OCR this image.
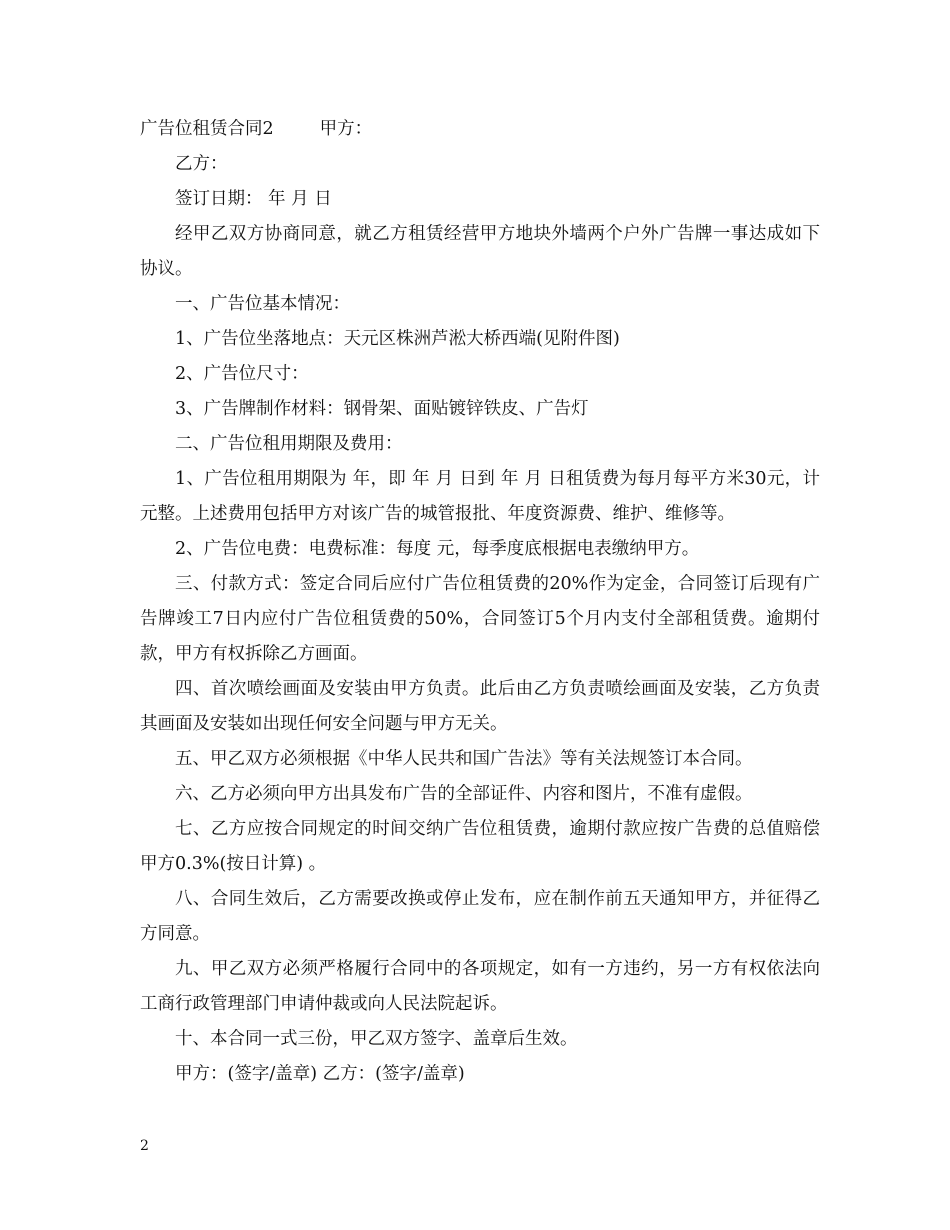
广告位租赁合同2	甲方：

乙方：

签订日期： 年 月 日

经甲乙双方协商同意，就乙方租赁经营甲方地块外墙两个户外广告牌一事达成如下协议。

一、广告位基本情况：

1、广告位坐落地点：天元区株洲芦淞大桥西端(见附件图)

2、广告位尺寸：

3、广告牌制作材料：钢骨架、面贴镀锌铁皮、广告灯

二、广告位租用期限及费用：

1、广告位租用期限为 年，即 年 月 日到 年 月 日租赁费为每月每平方米30元，计 元整。上述费用包括甲方对该广告的城管报批、年度资源费、维护、维修等。

2、广告位电费：电费标准：每度 元，每季度底根据电表缴纳甲方。

三、付款方式：签定合同后应付广告位租赁费的20%作为定金，合同签订后现有广告牌竣工7日内应付广告位租赁费的50%，合同签订5个月内支付全部租赁费。逾期付款，甲方有权拆除乙方画面。

四、首次喷绘画面及安装由甲方负责。此后由乙方负责喷绘画面及安装，乙方负责其画面及安装如出现任何安全问题与甲方无关。

五、甲乙双方必须根据《中华人民共和国广告法》等有关法规签订本合同。

六、乙方必须向甲方出具发布广告的全部证件、内容和图片，不准有虚假。

七、乙方应按合同规定的时间交纳广告位租赁费，逾期付款应按广告费的总值赔偿甲方0.3%(按日计算) 。

八、合同生效后，乙方需要改换或停止发布，应在制作前五天通知甲方，并征得乙方同意。

九、甲乙双方必须严格履行合同中的各项规定，如有一方违约，另一方有权依法向工商行政管理部门申请仲裁或向人民法院起诉。

十、本合同一式三份，甲乙双方签字、盖章后生效。

甲方：(签字/盖章) 乙方：(签字/盖章)

2
